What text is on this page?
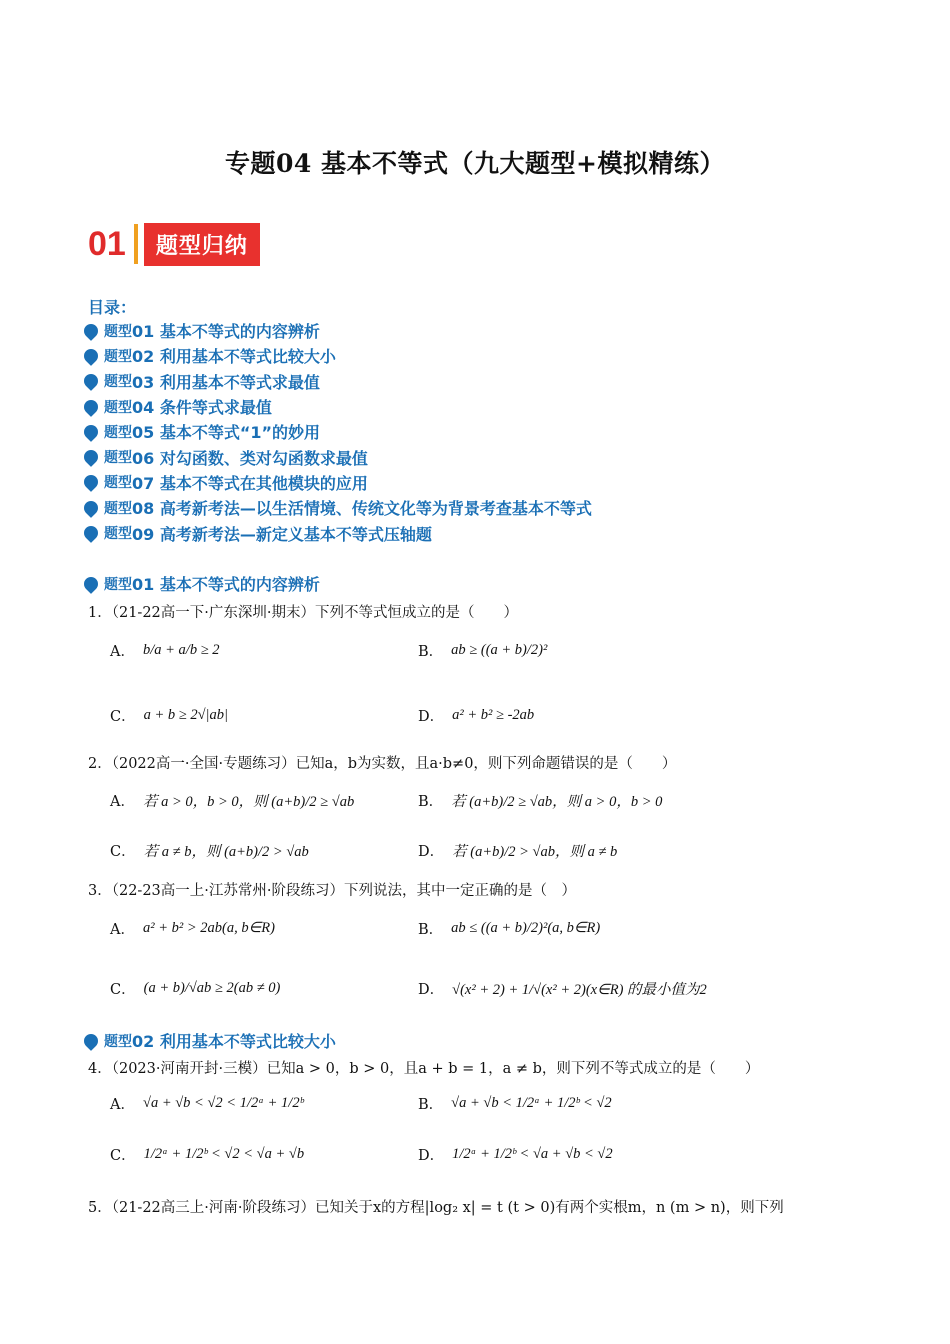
专题04 基本不等式（九大题型+模拟精练）
01	题型归纳
目录：
题型 01 基本不等式的内容辨析
题型 02 利用基本不等式比较大小
题型 03 利用基本不等式求最值
题型 04 条件等式求最值
题型 05 基本不等式“1”的妙用
题型 06 对勾函数、类对勾函数求最值
题型 07 基本不等式在其他模块的应用
题型 08 高考新考法—以生活情境、传统文化等为背景考查基本不等式
题型 09 高考新考法—新定义基本不等式压轴题
题型 01 基本不等式的内容辨析
1．（21-22高一下·广东深圳·期末）下列不等式恒成立的是（　　）
A． b/a + a/b ≥ 2	B． ab ≥ ((a + b)/2)²
C． a + b ≥ 2√|ab|	D． a² + b² ≥ -2ab
2．（2022高一·全国·专题练习）已知a，b为实数，且a·b≠0，则下列命题错误的是（　　）
A． 若 a > 0，b > 0，则 (a+b)/2 ≥ √ab	B． 若 (a+b)/2 ≥ √ab，则 a > 0，b > 0
C． 若 a ≠ b，则 (a+b)/2 > √ab	D． 若 (a+b)/2 > √ab，则 a ≠ b
3．（22-23高一上·江苏常州·阶段练习）下列说法，其中一定正确的是（　）
A． a² + b² > 2ab(a, b∈R)	B． ab ≤ ((a + b)/2)²(a, b∈R)
C． (a + b)/√ab ≥ 2(ab ≠ 0)	D． √(x² + 2) + 1/√(x² + 2)(x∈R) 的最小值为2
题型 02 利用基本不等式比较大小
4．（2023·河南开封·三模）已知a > 0，b > 0，且a + b = 1，a ≠ b，则下列不等式成立的是（　　）
A． √a + √b < √2 < 1/2ᵃ + 1/2ᵇ	B． √a + √b < 1/2ᵃ + 1/2ᵇ < √2
C． 1/2ᵃ + 1/2ᵇ < √2 < √a + √b	D． 1/2ᵃ + 1/2ᵇ < √a + √b < √2
5．（21-22高三上·河南·阶段练习）已知关于x的方程|log₂ x| = t (t > 0)有两个实根m，n (m > n)，则下列
